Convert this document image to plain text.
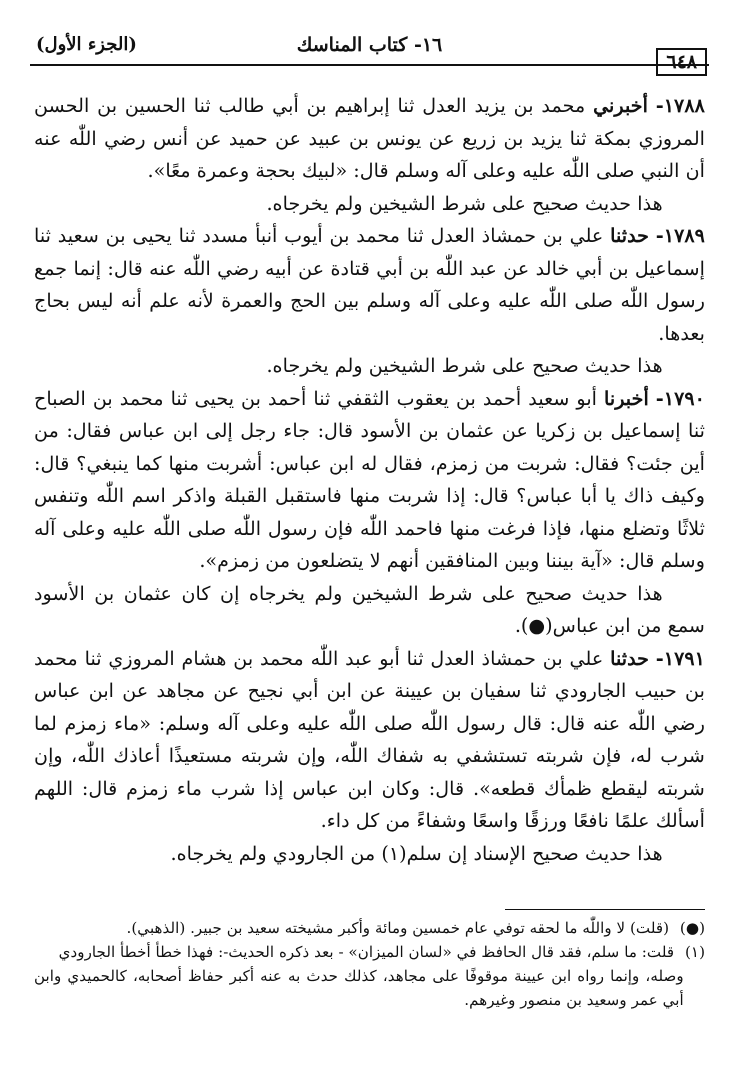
٦٤٨
١٦- كتاب المناسك
(الجزء الأول)

١٧٨٨- أخبرني محمد بن يزيد العدل ثنا إبراهيم بن أبي طالب ثنا الحسين بن الحسن المروزي بمكة ثنا يزيد بن زريع عن يونس بن عبيد عن حميد عن أنس رضي اللّٰه عنه أن النبي صلى اللّٰه عليه وعلى آله وسلم قال: «لبيك بحجة وعمرة معًا».

هذا حديث صحيح على شرط الشيخين ولم يخرجاه.

١٧٨٩- حدثنا علي بن حمشاذ العدل ثنا محمد بن أيوب أنبأ مسدد ثنا يحيى بن سعيد ثنا إسماعيل بن أبي خالد عن عبد اللّٰه بن أبي قتادة عن أبيه رضي اللّٰه عنه قال: إنما جمع رسول اللّٰه صلى اللّٰه عليه وعلى آله وسلم بين الحج والعمرة لأنه علم أنه ليس بحاج بعدها.

هذا حديث صحيح على شرط الشيخين ولم يخرجاه.

١٧٩٠- أخبرنا أبو سعيد أحمد بن يعقوب الثقفي ثنا أحمد بن يحيى ثنا محمد بن الصباح ثنا إسماعيل بن زكريا عن عثمان بن الأسود قال: جاء رجل إلى ابن عباس فقال: من أين جئت؟ فقال: شربت من زمزم، فقال له ابن عباس: أشربت منها كما ينبغي؟ قال: وكيف ذاك يا أبا عباس؟ قال: إذا شربت منها فاستقبل القبلة واذكر اسم اللّٰه وتنفس ثلاثًا وتضلع منها، فإذا فرغت منها فاحمد اللّٰه فإن رسول اللّٰه صلى اللّٰه عليه وعلى آله وسلم قال: «آية بيننا وبين المنافقين أنهم لا يتضلعون من زمزم».

هذا حديث صحيح على شرط الشيخين ولم يخرجاه إن كان عثمان بن الأسود سمع من ابن عباس(●).

١٧٩١- حدثنا علي بن حمشاذ العدل ثنا أبو عبد اللّٰه محمد بن هشام المروزي ثنا محمد بن حبيب الجارودي ثنا سفيان بن عيينة عن ابن أبي نجيح عن مجاهد عن ابن عباس رضي اللّٰه عنه قال: قال رسول اللّٰه صلى اللّٰه عليه وعلى آله وسلم: «ماء زمزم لما شرب له، فإن شربته تستشفي به شفاك اللّٰه، وإن شربته مستعيذًا أعاذك اللّٰه، وإن شربته ليقطع ظمأك قطعه». قال: وكان ابن عباس إذا شرب ماء زمزم قال: اللهم أسألك علمًا نافعًا ورزقًا واسعًا وشفاءً من كل داء.

هذا حديث صحيح الإسناد إن سلم(١) من الجارودي ولم يخرجاه.

(●) (قلت) لا واللّٰه ما لحقه توفي عام خمسين ومائة وأكبر مشيخته سعيد بن جبير. (الذهبي).

(١) قلت: ما سلم، فقد قال الحافظ في «لسان الميزان» - بعد ذكره الحديث-: فهذا خطأ أخطأ الجارودي

وصله، وإنما رواه ابن عيينة موقوفًا على مجاهد، كذلك حدث به عنه أكبر حفاظ أصحابه، كالحميدي وابن أبي عمر وسعيد بن منصور وغيرهم.
